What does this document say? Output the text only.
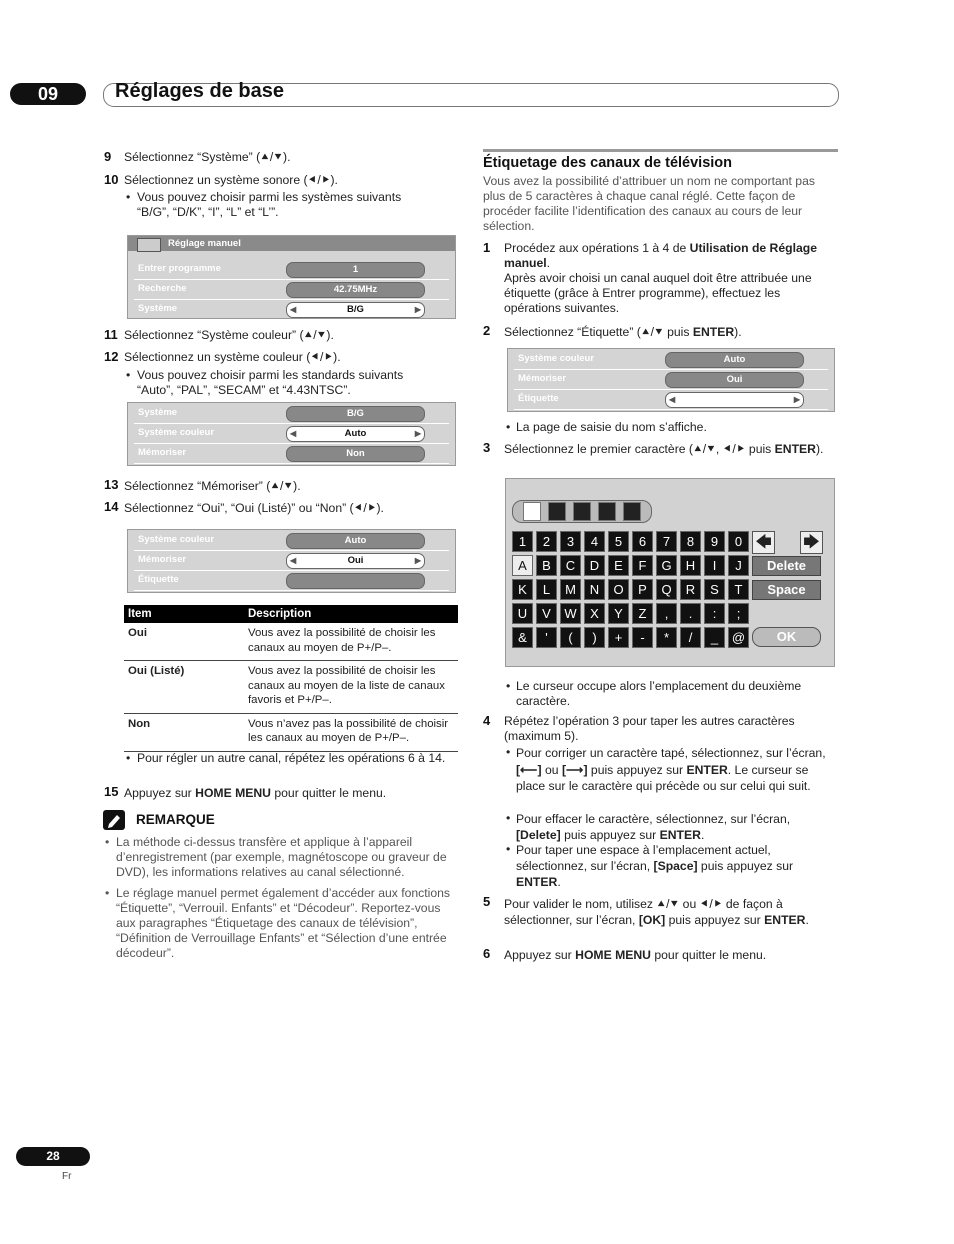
09	Réglages de base
9 Sélectionnez “Système” (⯅/⯆).
10 Sélectionnez un système sonore (⯇/⯈).
• Vous pouvez choisir parmi les systèmes suivants “B/G”, “D/K”, “I”, “L” et “L’”.
Réglage manuel
Entrer programme	1
Recherche	42.75MHz
Système	◀ B/G ▶
11 Sélectionnez “Système couleur” (⯅/⯆).
12 Sélectionnez un système couleur (⯇/⯈).
• Vous pouvez choisir parmi les standards suivants “Auto”, “PAL”, “SECAM” et “4.43NTSC”.
Système	B/G
Système couleur	◀ Auto ▶
Mémoriser	Non
13 Sélectionnez “Mémoriser” (⯅/⯆).
14 Sélectionnez “Oui”, “Oui (Listé)” ou “Non” (⯇/⯈).
Système couleur	Auto
Mémoriser	◀ Oui ▶
Étiquette
Item	Description
Oui	Vous avez la possibilité de choisir les canaux au moyen de P+/P–.
Oui (Listé)	Vous avez la possibilité de choisir les canaux au moyen de la liste de canaux favoris et P+/P–.
Non	Vous n’avez pas la possibilité de choisir les canaux au moyen de P+/P–.
• Pour régler un autre canal, répétez les opérations 6 à 14.
15 Appuyez sur HOME MENU pour quitter le menu.
REMARQUE
• La méthode ci-dessus transfère et applique à l’appareil d’enregistrement (par exemple, magnétoscope ou graveur de DVD), les informations relatives au canal sélectionné.
• Le réglage manuel permet également d’accéder aux fonctions “Étiquette”, “Verrouil. Enfants” et “Décodeur”. Reportez-vous aux paragraphes “Étiquetage des canaux de télévision”, “Définition de Verrouillage Enfants” et “Sélection d’une entrée décodeur”.
Étiquetage des canaux de télévision
Vous avez la possibilité d’attribuer un nom ne comportant pas plus de 5 caractères à chaque canal réglé. Cette façon de procéder facilite l’identification des canaux au cours de leur sélection.
1 Procédez aux opérations 1 à 4 de Utilisation de Réglage manuel.
Après avoir choisi un canal auquel doit être attribuée une étiquette (grâce à Entrer programme), effectuez les opérations suivantes.
2 Sélectionnez “Étiquette” (⯅/⯆ puis ENTER).
Système couleur	Auto
Mémoriser	Oui
Étiquette
◀ ▶
• La page de saisie du nom s’affiche.
3 Sélectionnez le premier caractère (⯅/⯆, ⯇/⯈ puis ENTER).
1	2	3	4	5	6	7	8	9	0
A	B	C	D	E	F	G	H	I	J
K	L	M	N	O	P	Q	R	S	T
U	V	W	X	Y	Z	,	.	:	;
&	'	(	)	+	-	*	/	_	@
🡄 🡆
Delete
Space
OK
• Le curseur occupe alors l’emplacement du deuxième caractère.
4 Répétez l’opération 3 pour taper les autres caractères (maximum 5).
• Pour corriger un caractère tapé, sélectionnez, sur l’écran, [⟵] ou [⟶] puis appuyez sur ENTER. Le curseur se place sur le caractère qui précède ou sur celui qui suit.
• Pour effacer le caractère, sélectionnez, sur l’écran, [Delete] puis appuyez sur ENTER.
• Pour taper une espace à l’emplacement actuel, sélectionnez, sur l’écran, [Space] puis appuyez sur ENTER.
5 Pour valider le nom, utilisez ⯅/⯆ ou ⯇/⯈ de façon à sélectionner, sur l’écran, [OK] puis appuyez sur ENTER.
6 Appuyez sur HOME MENU pour quitter le menu.
28
Fr
